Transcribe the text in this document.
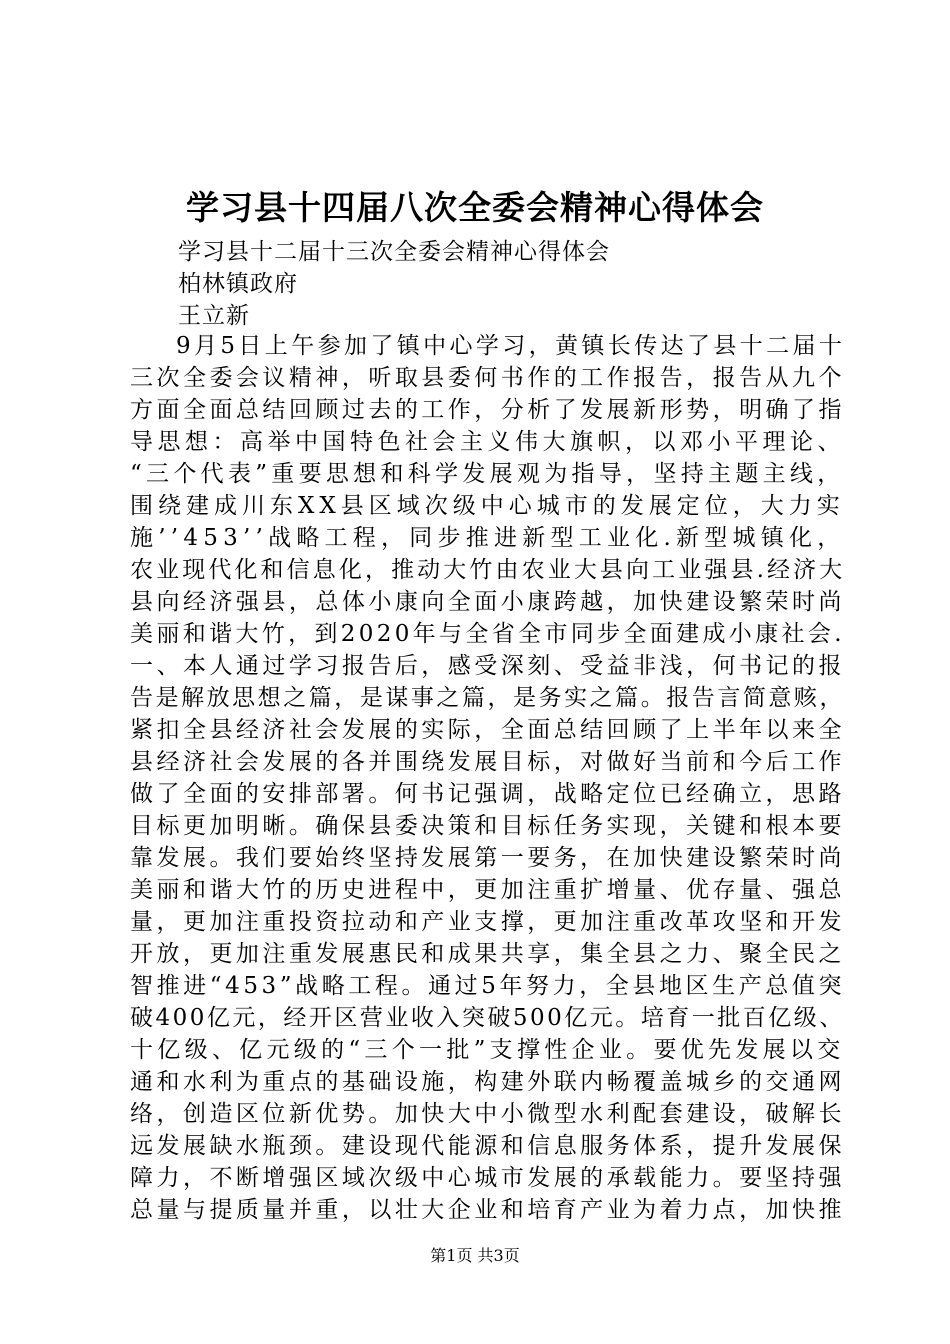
学习县十四届八次全委会精神心得体会
学习县十二届十三次全委会精神心得体会
柏林镇政府
王立新
9月5日上午参加了镇中心学习，黄镇长传达了县十二届十
三次全委会议精神，听取县委何书作的工作报告，报告从九个
方面全面总结回顾过去的工作，分析了发展新形势，明确了指
导思想：高举中国特色社会主义伟大旗帜，以邓小平理论、
“三个代表”重要思想和科学发展观为指导，坚持主题主线，
围绕建成川东XX县区域次级中心城市的发展定位，大力实
施’’453’’战略工程，同步推进新型工业化.新型城镇化，
农业现代化和信息化，推动大竹由农业大县向工业强县.经济大
县向经济强县，总体小康向全面小康跨越，加快建设繁荣时尚
美丽和谐大竹，到2020年与全省全市同步全面建成小康社会.
一、本人通过学习报告后，感受深刻、受益非浅，何书记的报
告是解放思想之篇，是谋事之篇，是务实之篇。报告言简意赅，
紧扣全县经济社会发展的实际，全面总结回顾了上半年以来全
县经济社会发展的各并围绕发展目标，对做好当前和今后工作
做了全面的安排部署。何书记强调，战略定位已经确立，思路
目标更加明晰。确保县委决策和目标任务实现，关键和根本要
靠发展。我们要始终坚持发展第一要务，在加快建设繁荣时尚
美丽和谐大竹的历史进程中，更加注重扩增量、优存量、强总
量，更加注重投资拉动和产业支撑，更加注重改革攻坚和开发
开放，更加注重发展惠民和成果共享，集全县之力、聚全民之
智推进“453”战略工程。通过5年努力，全县地区生产总值突
破400亿元，经开区营业收入突破500亿元。培育一批百亿级、
十亿级、亿元级的“三个一批”支撑性企业。要优先发展以交
通和水利为重点的基础设施，构建外联内畅覆盖城乡的交通网
络，创造区位新优势。加快大中小微型水利配套建设，破解长
远发展缺水瓶颈。建设现代能源和信息服务体系，提升发展保
障力，不断增强区域次级中心城市发展的承载能力。要坚持强
总量与提质量并重，以壮大企业和培育产业为着力点，加快推
第1页 共3页
